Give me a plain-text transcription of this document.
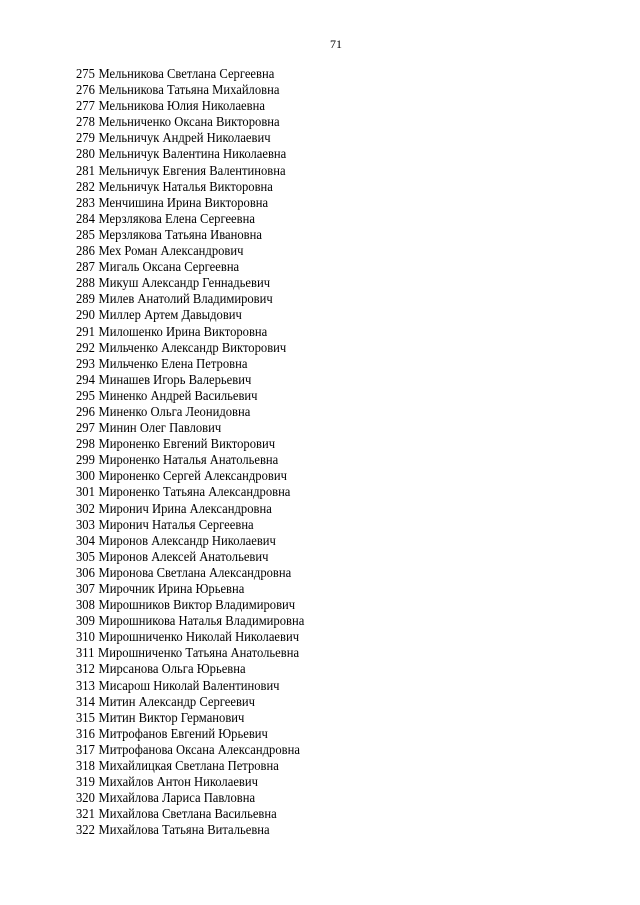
71
275 Мельникова Светлана Сергеевна
276 Мельникова Татьяна Михайловна
277 Мельникова Юлия Николаевна
278 Мельниченко Оксана Викторовна
279 Мельничук Андрей Николаевич
280 Мельничук Валентина Николаевна
281 Мельничук Евгения Валентиновна
282 Мельничук Наталья Викторовна
283 Менчишина Ирина Викторовна
284 Мерзлякова Елена Сергеевна
285 Мерзлякова Татьяна Ивановна
286 Мех Роман Александрович
287 Мигаль Оксана Сергеевна
288 Микуш Александр Геннадьевич
289 Милев Анатолий Владимирович
290 Миллер Артем Давыдович
291 Милошенко Ирина Викторовна
292 Мильченко Александр Викторович
293 Мильченко Елена Петровна
294 Минашев Игорь Валерьевич
295 Миненко Андрей Васильевич
296 Миненко Ольга Леонидовна
297 Минин Олег Павлович
298 Мироненко Евгений Викторович
299 Мироненко Наталья Анатольевна
300 Мироненко Сергей Александрович
301 Мироненко Татьяна Александровна
302 Миронич Ирина Александровна
303 Миронич Наталья Сергеевна
304 Миронов Александр Николаевич
305 Миронов Алексей Анатольевич
306 Миронова Светлана Александровна
307 Мирочник Ирина Юрьевна
308 Мирошников Виктор Владимирович
309 Мирошникова Наталья Владимировна
310 Мирошниченко Николай Николаевич
311 Мирошниченко Татьяна Анатольевна
312 Мирсанова Ольга Юрьевна
313 Мисарош Николай Валентинович
314 Митин Александр Сергеевич
315 Митин Виктор Германович
316 Митрофанов Евгений Юрьевич
317 Митрофанова Оксана Александровна
318 Михайлицкая Светлана Петровна
319 Михайлов Антон Николаевич
320 Михайлова Лариса Павловна
321 Михайлова Светлана Васильевна
322 Михайлова Татьяна Витальевна
